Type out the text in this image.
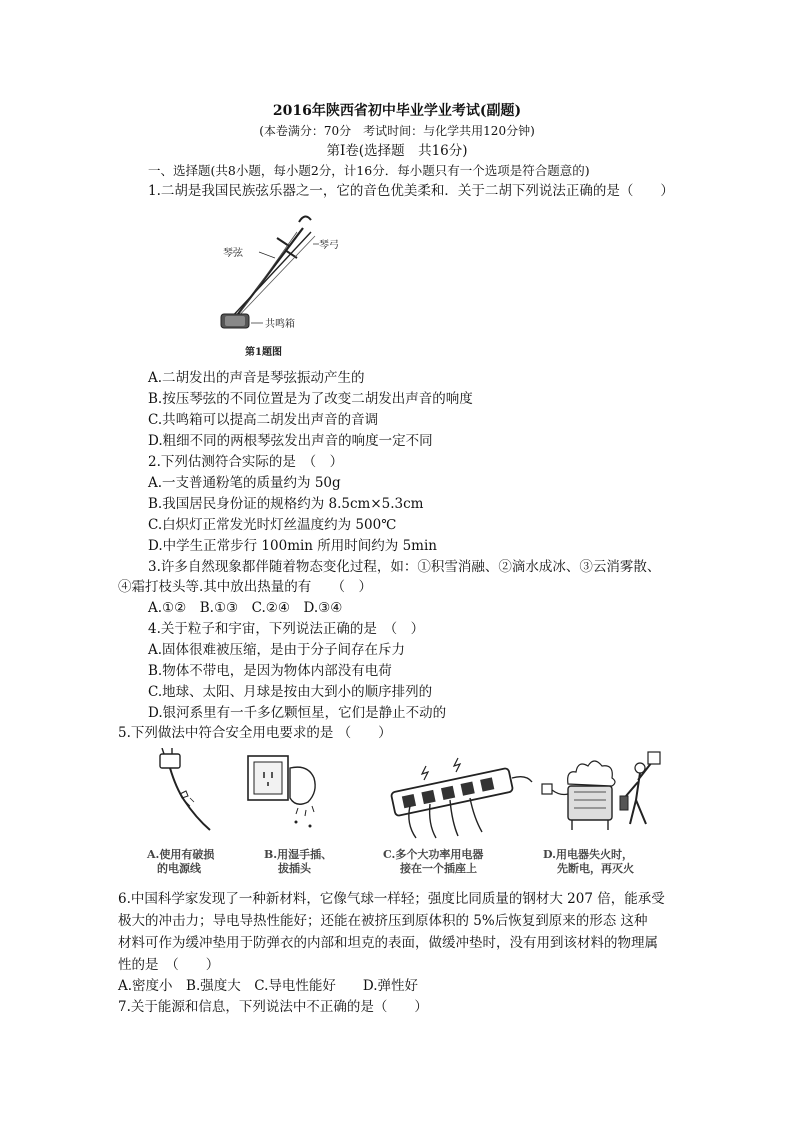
2016年陕西省初中毕业学业考试(副题)
(本卷满分：70分　考试时间：与化学共用120分钟)
第Ⅰ卷(选择题　共16分)
一、选择题(共8小题，每小题2分，计16分．每小题只有一个选项是符合题意的)
1.二胡是我国民族弦乐器之一，它的音色优美柔和．关于二胡下列说法正确的是（　　）
琴弦
琴弓
共鸣箱
第1题图
A.二胡发出的声音是琴弦振动产生的
B.按压琴弦的不同位置是为了改变二胡发出声音的响度
C.共鸣箱可以提高二胡发出声音的音调
D.粗细不同的两根琴弦发出声音的响度一定不同
2.下列估测符合实际的是　（　）
A.一支普通粉笔的质量约为 50g
B.我国居民身份证的规格约为 8.5cm×5.3cm
C.白炽灯正常发光时灯丝温度约为 500℃
D.中学生正常步行 100min 所用时间约为 5min
3.许多自然现象都伴随着物态变化过程，如：①积雪消融、②滴水成冰、③云消雾散、
④霜打枝头等.其中放出热量的有　　（　）
A.①②　B.①③　C.②④　D.③④
4.关于粒子和宇宙，下列说法正确的是　（　）
A.固体很难被压缩，是由于分子间存在斥力
B.物体不带电，是因为物体内部没有电荷
C.地球、太阳、月球是按由大到小的顺序排列的
D.银河系里有一千多亿颗恒星，它们是静止不动的
5.下列做法中符合安全用电要求的是 （　　）
A.使用有破损
的电源线
B.用湿手插、
拔插头
C.多个大功率用电器
接在一个插座上
D.用电器失火时，
先断电，再灭火
6.中国科学家发现了一种新材料，它像气球一样轻；强度比同质量的钢材大 207 倍，能承受
极大的冲击力；导电导热性能好；还能在被挤压到原体积的 5%后恢复到原来的形态 这种
材料可作为缓冲垫用于防弹衣的内部和坦克的表面，做缓冲垫时，没有用到该材料的物理属
性的是　（　　）
A.密度小　B.强度大　C.导电性能好　　D.弹性好
7.关于能源和信息，下列说法中不正确的是（　　）
